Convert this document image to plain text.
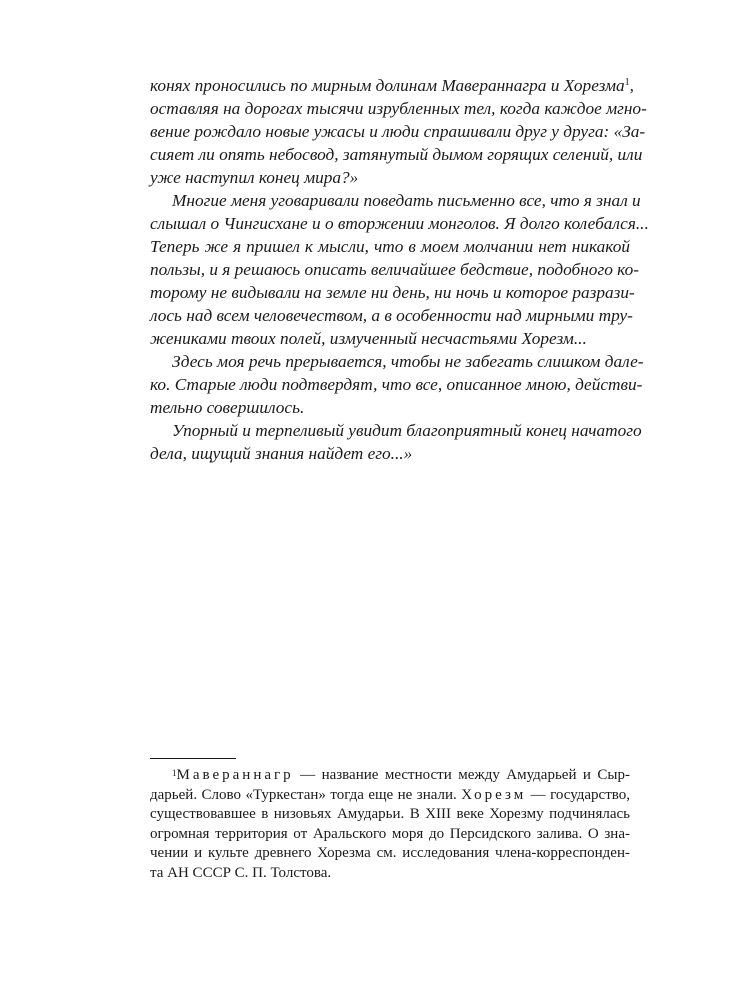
конях проносились по мирным долинам Мавераннагра и Хорезма$^1$,
оставляя на дорогах тысячи изрубленных тел, когда каждое мгно-
вение рождало новые ужасы и люди спрашивали друг у друга: «За-
сияет ли опять небосвод, затянутый дымом горящих селений, или
уже наступил конец мира?»
Многие меня уговаривали поведать письменно все, что я знал и
слышал о Чингисхане и о вторжении монголов. Я долго колебался...
Теперь же я пришел к мысли, что в моем молчании нет никакой
пользы, и я решаюсь описать величайшее бедствие, подобного ко-
торому не видывали на земле ни день, ни ночь и которое разрази-
лось над всем человечеством, а в особенности над мирными тру-
жениками твоих полей, измученный несчастьями Хорезм...
Здесь моя речь прерывается, чтобы не забегать слишком дале-
ко. Старые люди подтвердят, что все, описанное мною, действи-
тельно совершилось.
Упорный и терпеливый увидит благоприятный конец начатого
дела, ищущий знания найдет его...»
$^1$Мавераннагр — название местности между Амударьей и Сыр-
дарьей. Слово «Туркестан» тогда еще не знали. Хорезм — государство,
существовавшее в низовьях Амударьи. В XIII веке Хорезму подчинялась
огромная территория от Аральского моря до Персидского залива. О зна-
чении и культе древнего Хорезма см. исследования члена-корреспонден-
та АН СССР С. П. Толстова.
